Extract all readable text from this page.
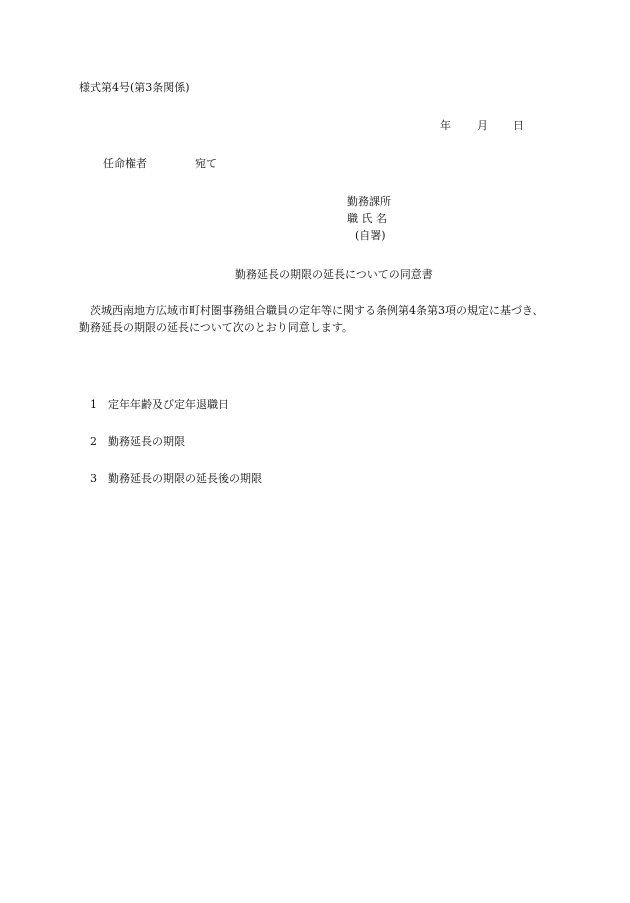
様式第4号(第3条関係)
年 月 日
任命権者	宛て
勤務課所
職 氏 名
(自署)
勤務延長の期限の延長についての同意書
茨城西南地方広域市町村圏事務組合職員の定年等に関する条例第4条第3項の規定に基づき、勤務延長の期限の延長について次のとおり同意します。
1 定年年齢及び定年退職日
2 勤務延長の期限
3 勤務延長の期限の延長後の期限
